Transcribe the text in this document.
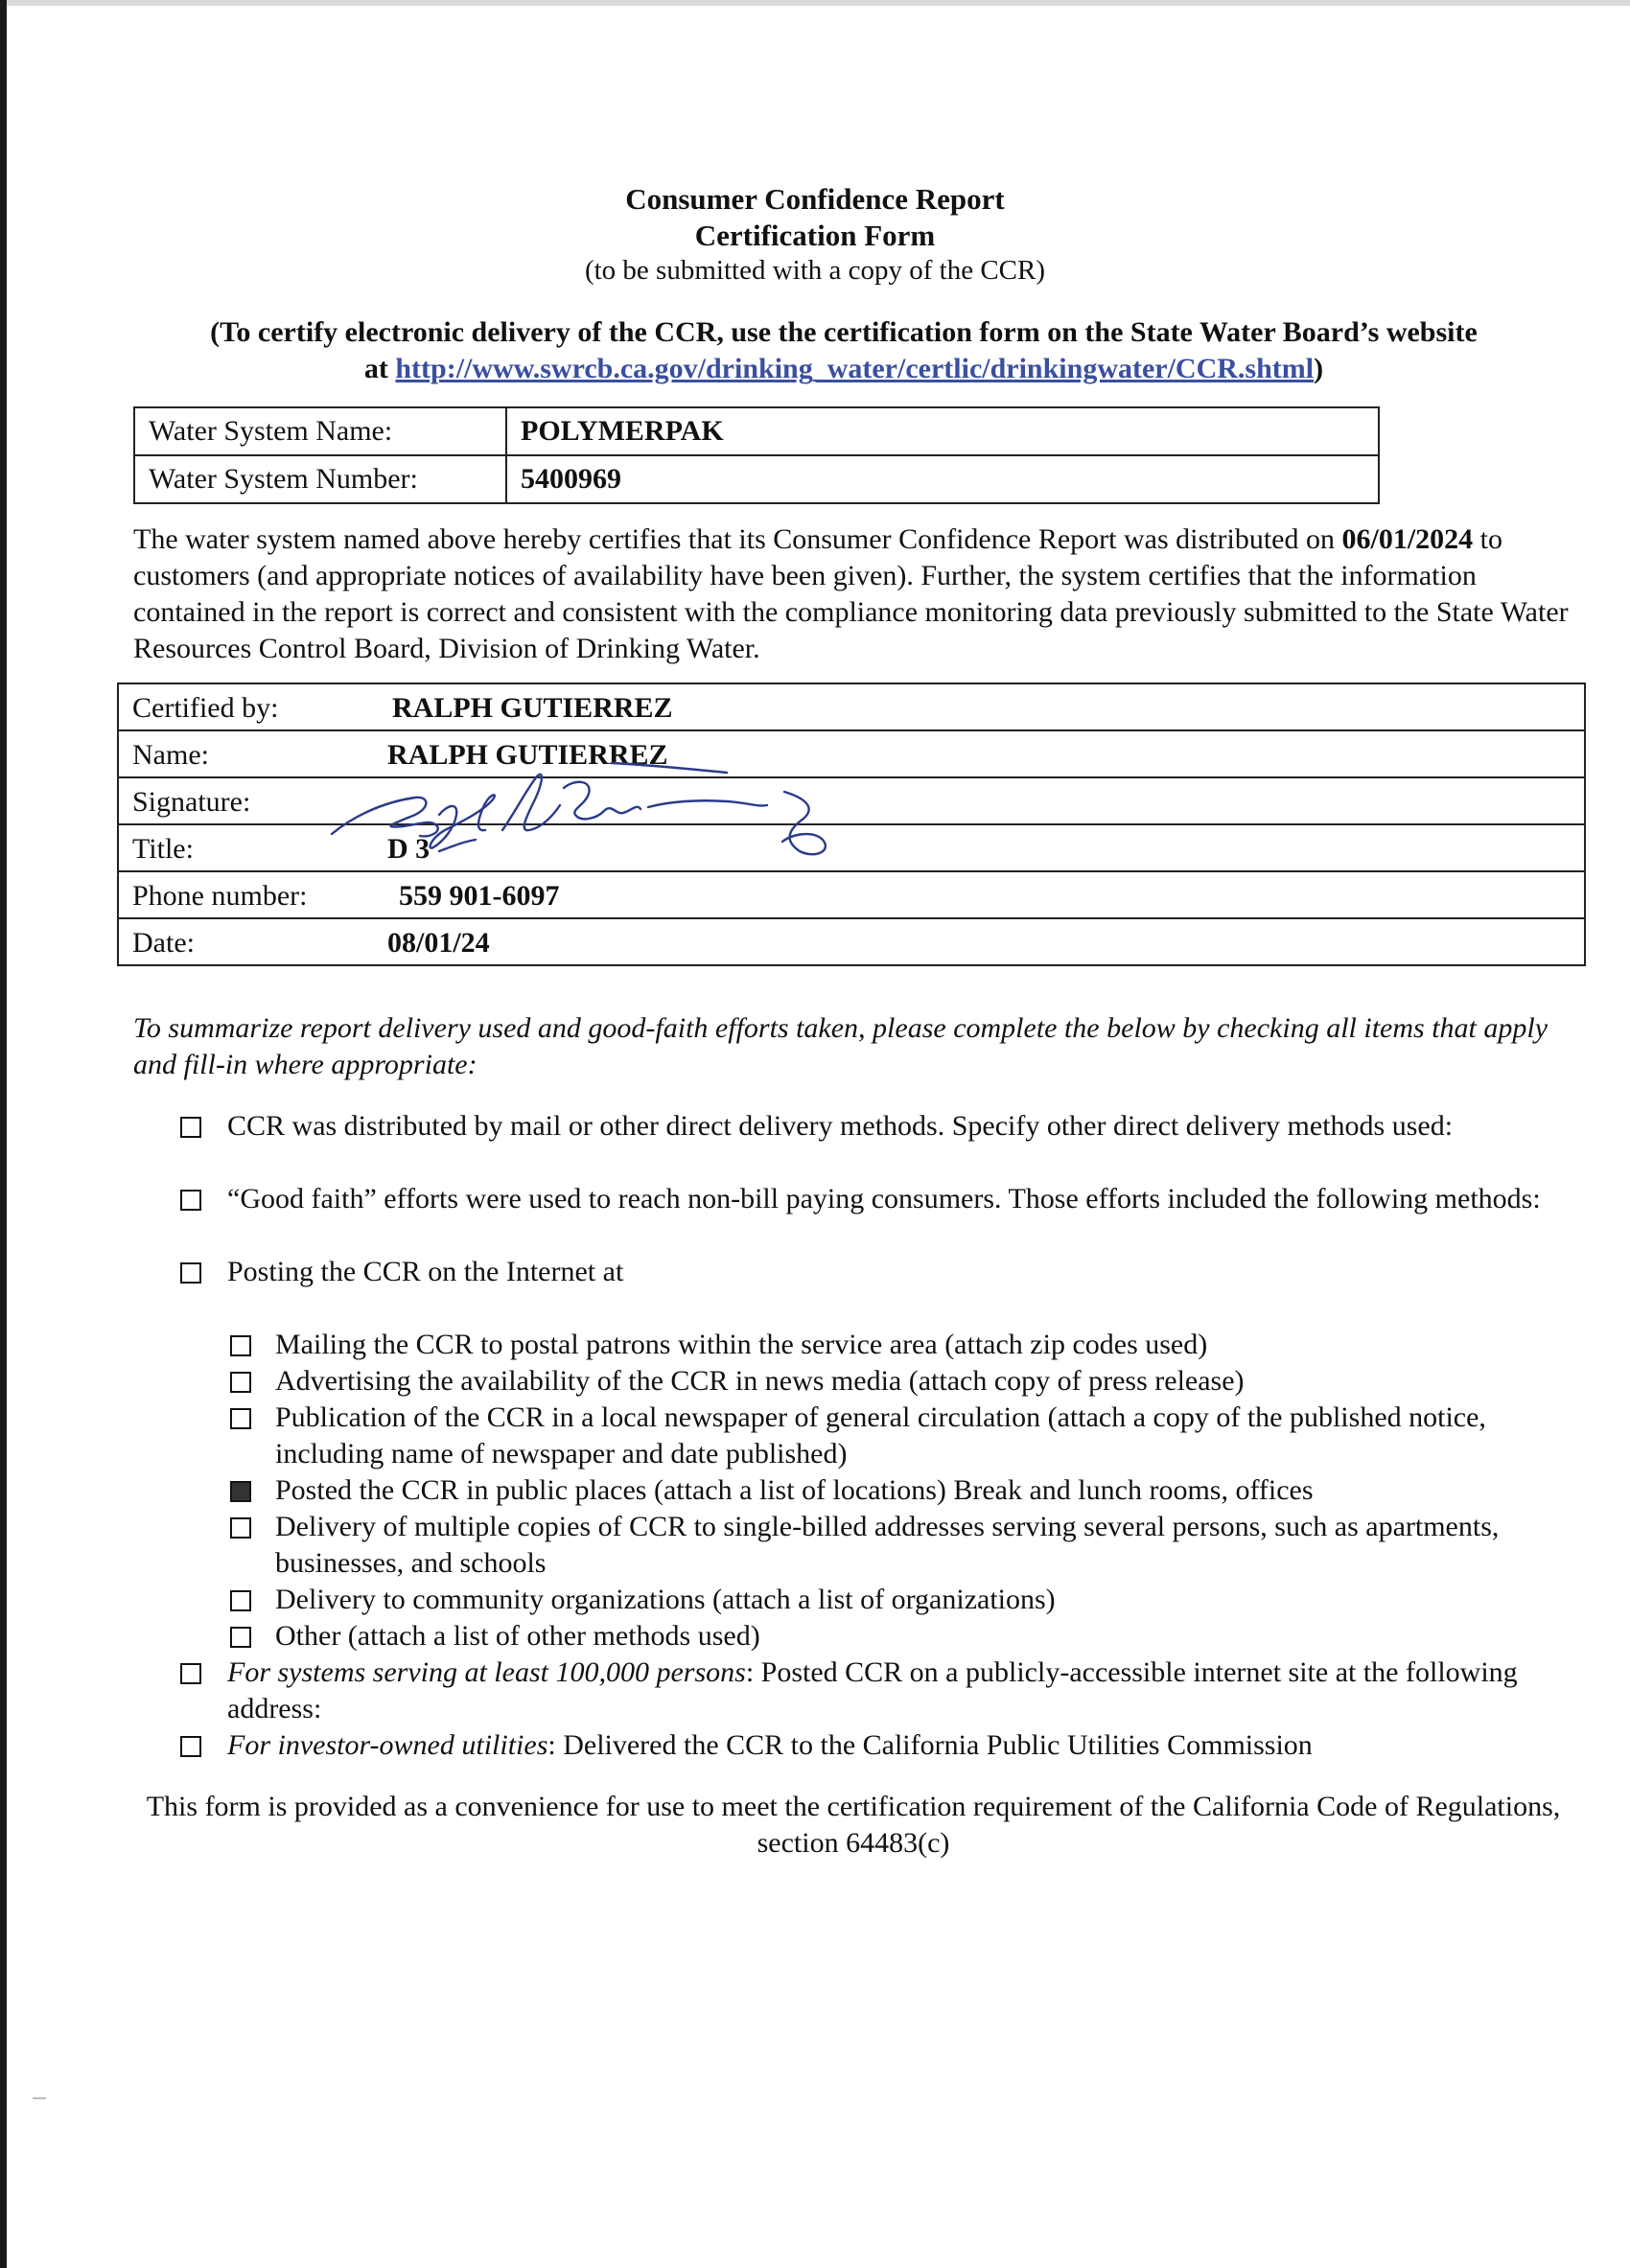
Consumer Confidence Report
Certification Form
(to be submitted with a copy of the CCR)
(To certify electronic delivery of the CCR, use the certification form on the State Water Board’s website
at http://www.swrcb.ca.gov/drinking_water/certlic/drinkingwater/CCR.shtml)
Water System Name:	POLYMERPAK
Water System Number:	5400969
The water system named above hereby certifies that its Consumer Confidence Report was distributed on 06/01/2024 to customers (and appropriate notices of availability have been given). Further, the system certifies that the information contained in the report is correct and consistent with the compliance monitoring data previously submitted to the State Water Resources Control Board, Division of Drinking Water.
Certified by:	RALPH GUTIERREZ

Name:	RALPH GUTIERREZ

Signature:

Title:	D 3

Phone number:	559 901-6097

Date:	08/01/24
To summarize report delivery used and good-faith efforts taken, please complete the below by checking all items that apply and fill-in where appropriate:
CCR was distributed by mail or other direct delivery methods. Specify other direct delivery methods used:
“Good faith” efforts were used to reach non-bill paying consumers. Those efforts included the following methods:
Posting the CCR on the Internet at
Mailing the CCR to postal patrons within the service area (attach zip codes used)
Advertising the availability of the CCR in news media (attach copy of press release)
Publication of the CCR in a local newspaper of general circulation (attach a copy of the published notice, including name of newspaper and date published)
Posted the CCR in public places (attach a list of locations) Break and lunch rooms, offices
Delivery of multiple copies of CCR to single-billed addresses serving several persons, such as apartments, businesses, and schools
Delivery to community organizations (attach a list of organizations)
Other (attach a list of other methods used)
For systems serving at least 100,000 persons: Posted CCR on a publicly-accessible internet site at the following address:
For investor-owned utilities: Delivered the CCR to the California Public Utilities Commission
This form is provided as a convenience for use to meet the certification requirement of the California Code of Regulations, section 64483(c)
